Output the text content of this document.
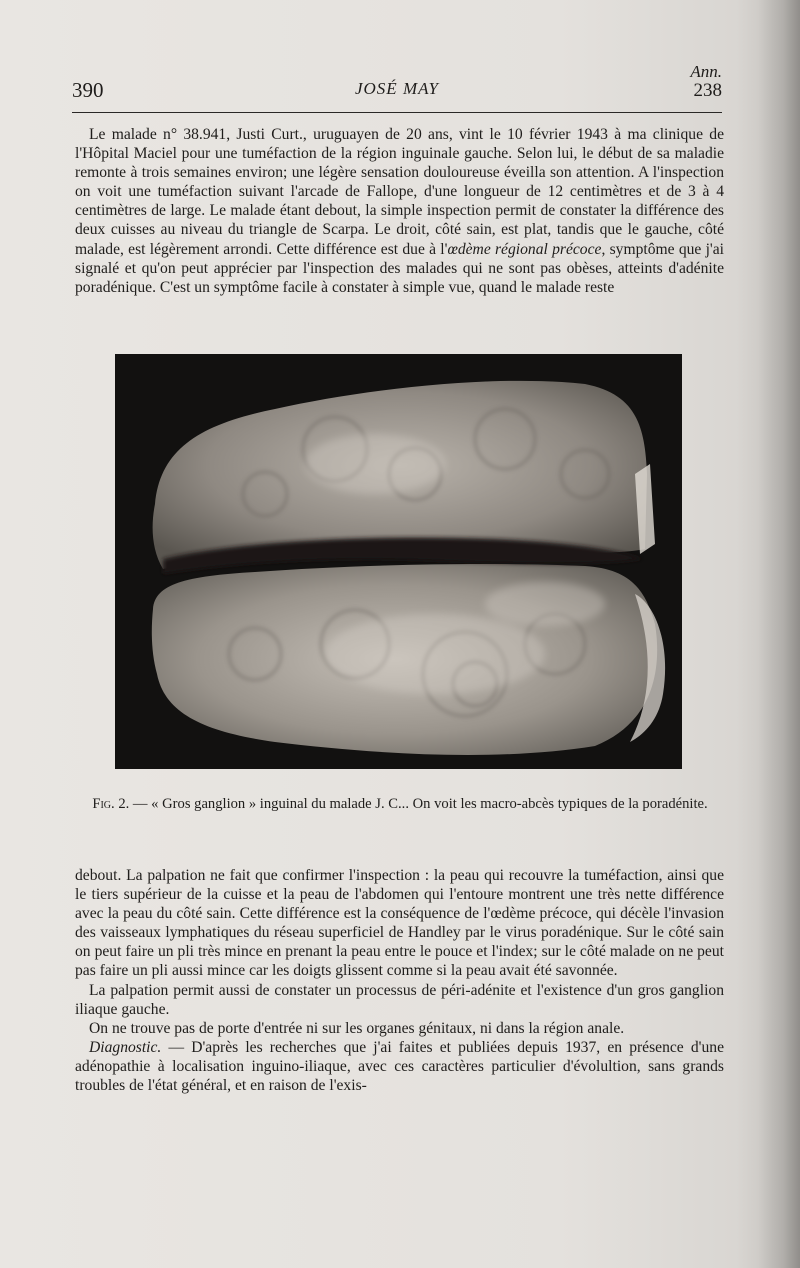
390	JOSÉ MAY
Ann.
238

Le malade n° 38.941, Justi Curt., uruguayen de 20 ans, vint le 10 février 1943 à ma clinique de l'Hôpital Maciel pour une tuméfaction de la région inguinale gauche. Selon lui, le début de sa maladie remonte à trois semaines environ; une légère sensation douloureuse éveilla son attention. A l'inspection on voit une tuméfaction suivant l'arcade de Fallope, d'une longueur de 12 centimètres et de 3 à 4 centimètres de large. Le malade étant debout, la simple inspection permit de constater la différence des deux cuisses au niveau du triangle de Scarpa. Le droit, côté sain, est plat, tandis que le gauche, côté malade, est légèrement arrondi. Cette différence est due à l'œdème régional précoce, symptôme que j'ai signalé et qu'on peut apprécier par l'inspection des malades qui ne sont pas obèses, atteints d'adénite poradénique. C'est un symptôme facile à constater à simple vue, quand le malade reste

Fig. 2. — « Gros ganglion » inguinal du malade J. C... On voit les macro-abcès typiques de la poradénite.

debout. La palpation ne fait que confirmer l'inspection : la peau qui recouvre la tuméfaction, ainsi que le tiers supérieur de la cuisse et la peau de l'abdomen qui l'entoure montrent une très nette différence avec la peau du côté sain. Cette différence est la conséquence de l'œdème précoce, qui décèle l'invasion des vaisseaux lymphatiques du réseau superficiel de Handley par le virus poradénique. Sur le côté sain on peut faire un pli très mince en prenant la peau entre le pouce et l'index; sur le côté malade on ne peut pas faire un pli aussi mince car les doigts glissent comme si la peau avait été savonnée.

La palpation permit aussi de constater un processus de péri-adénite et l'existence d'un gros ganglion iliaque gauche.

On ne trouve pas de porte d'entrée ni sur les organes génitaux, ni dans la région anale.

Diagnostic. — D'après les recherches que j'ai faites et publiées depuis 1937, en présence d'une adénopathie à localisation inguino-iliaque, avec ces caractères particulier d'évolultion, sans grands troubles de l'état général, et en raison de l'exis-
